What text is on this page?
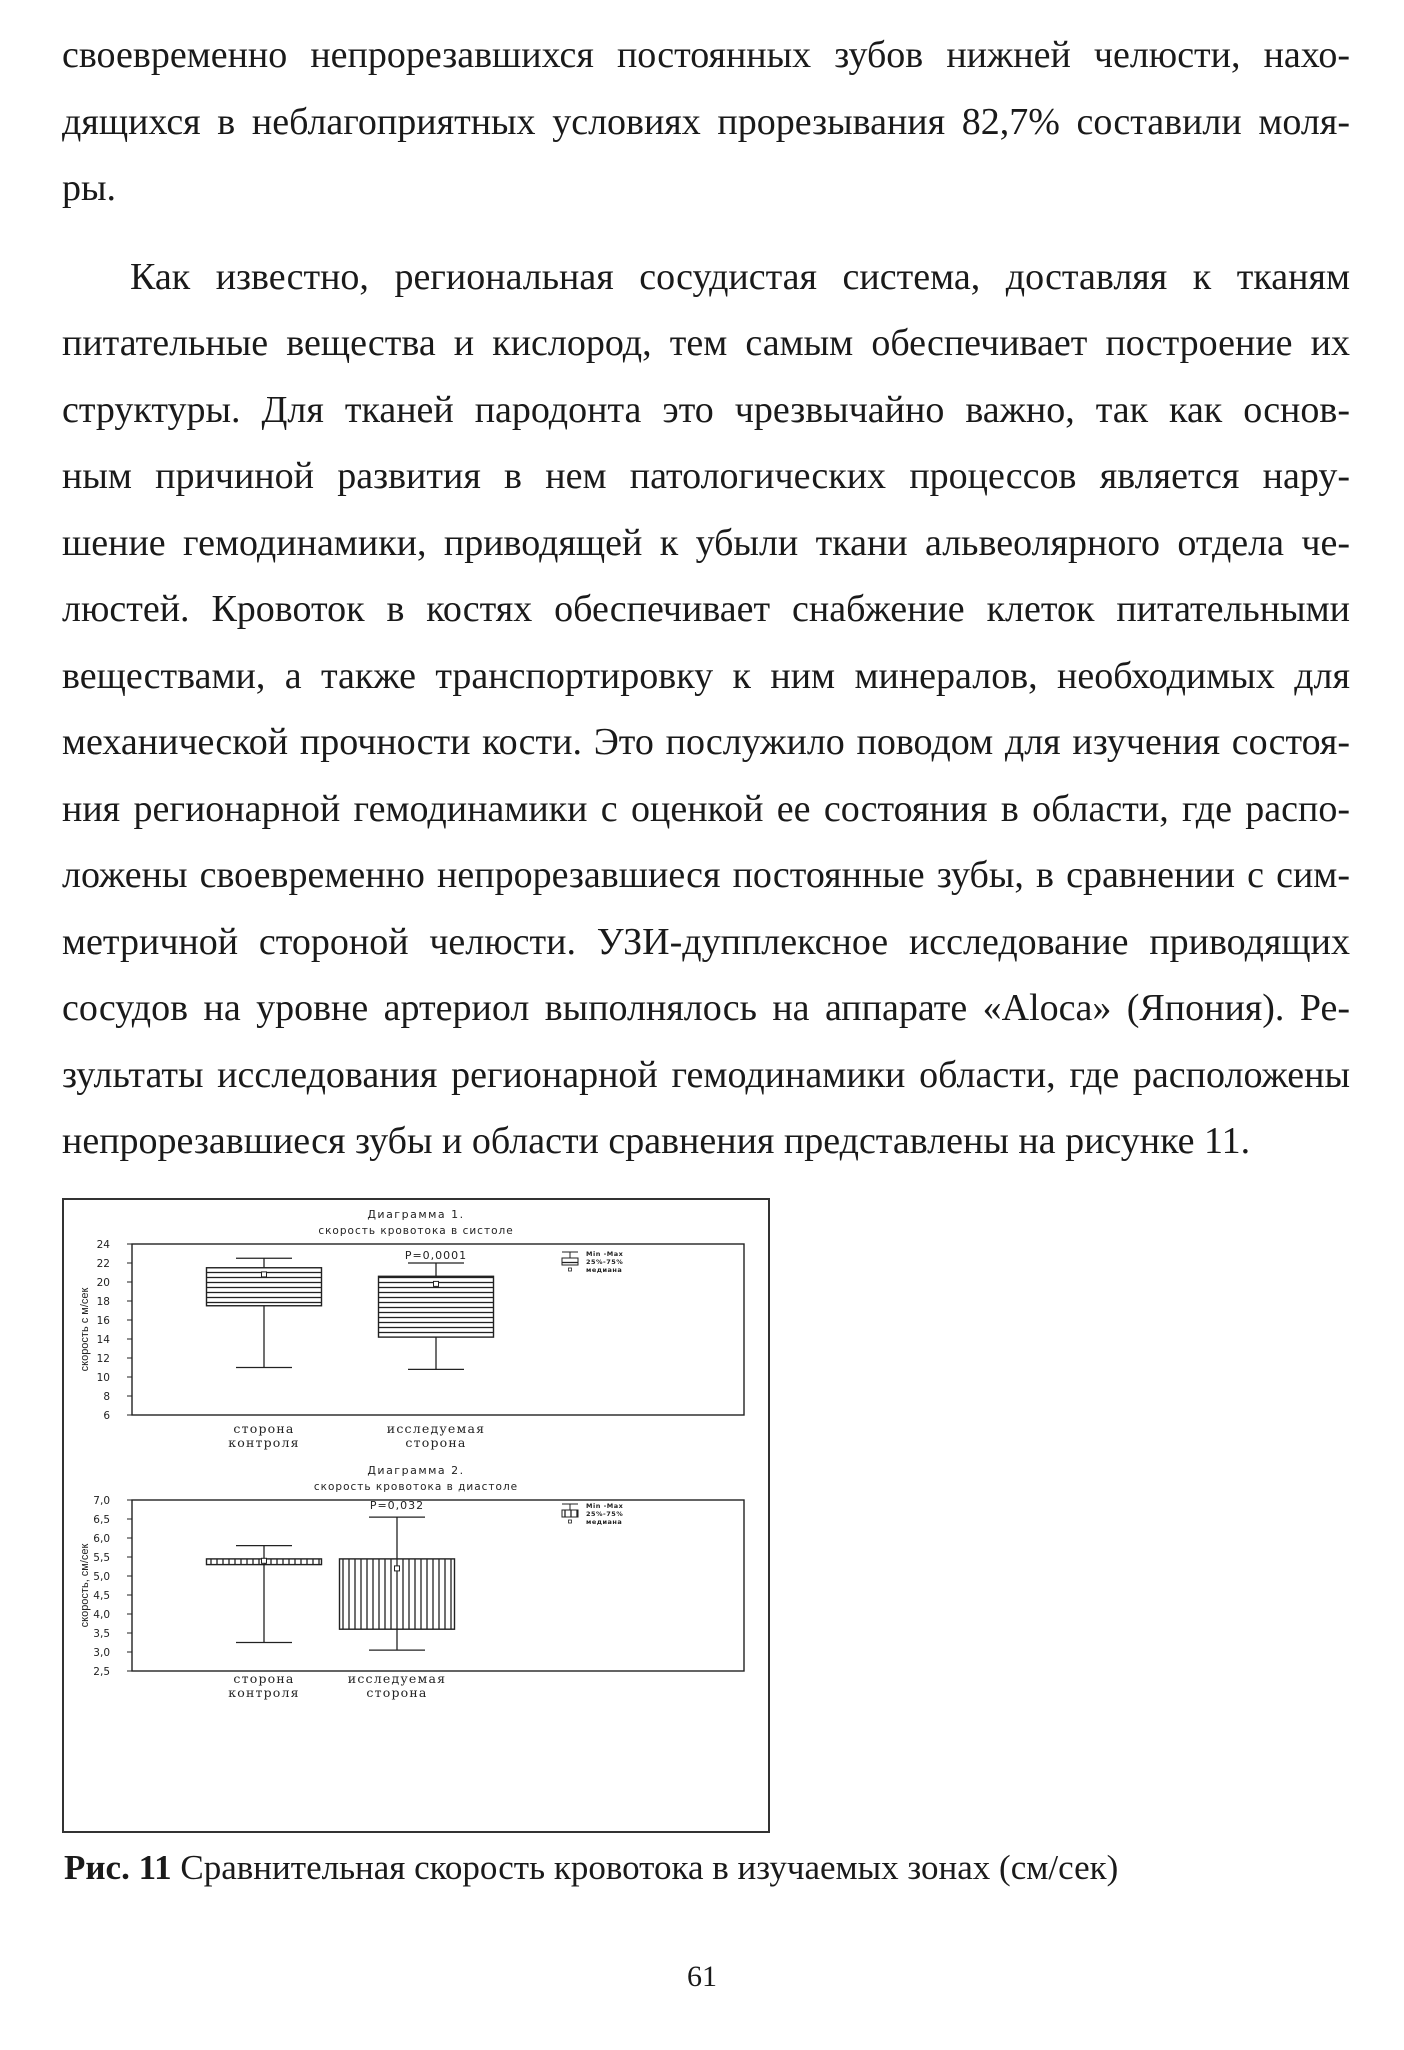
своевременно непрорезавшихся постоянных зубов нижней челюсти, нахо-
дящихся в неблагоприятных условиях прорезывания 82,7% составили моля-
ры.

Как известно, региональная сосудистая система, доставляя к тканям
питательные вещества и кислород, тем самым обеспечивает построение их
структуры. Для тканей пародонта это чрезвычайно важно, так как основ-
ным причиной развития в нем патологических процессов является нару-
шение гемодинамики, приводящей к убыли ткани альвеолярного отдела че-
люстей. Кровоток в костях обеспечивает снабжение клеток питательными
веществами, а также транспортировку к ним минералов, необходимых для
механической прочности кости. Это послужило поводом для изучения состоя-
ния регионарной гемодинамики с оценкой ее состояния в области, где распо-
ложены своевременно непрорезавшиеся постоянные зубы, в сравнении с сим-
метричной стороной челюсти. УЗИ-дупплексное исследование приводящих
сосудов на уровне артериол выполнялось на аппарате «Aloca» (Япония). Ре-
зультаты исследования регионарной гемодинамики области, где расположены
непрорезавшиеся зубы и области сравнения представлены на рисунке 11.

Диаграмма 1.
скорость кровотока в систоле
24
22
20
18
16
14
12
10
8
6
скорость с м/сек
сторона
контроля
исследуемая
сторона
P=0,0001	Min -Max
25%-75%
медиана
Диаграмма 2.
скорость кровотока в диастоле
7,0
6,5
6,0
5,5
5,0
4,5
4,0
3,5
3,0
2,5
скорость, см/сек
сторона
контроля
исследуемая
сторона
P=0,032	Min -Max
25%-75%
медиана
Рис. 11 Сравнительная скорость кровотока в изучаемых зонах (см/сек)
61
